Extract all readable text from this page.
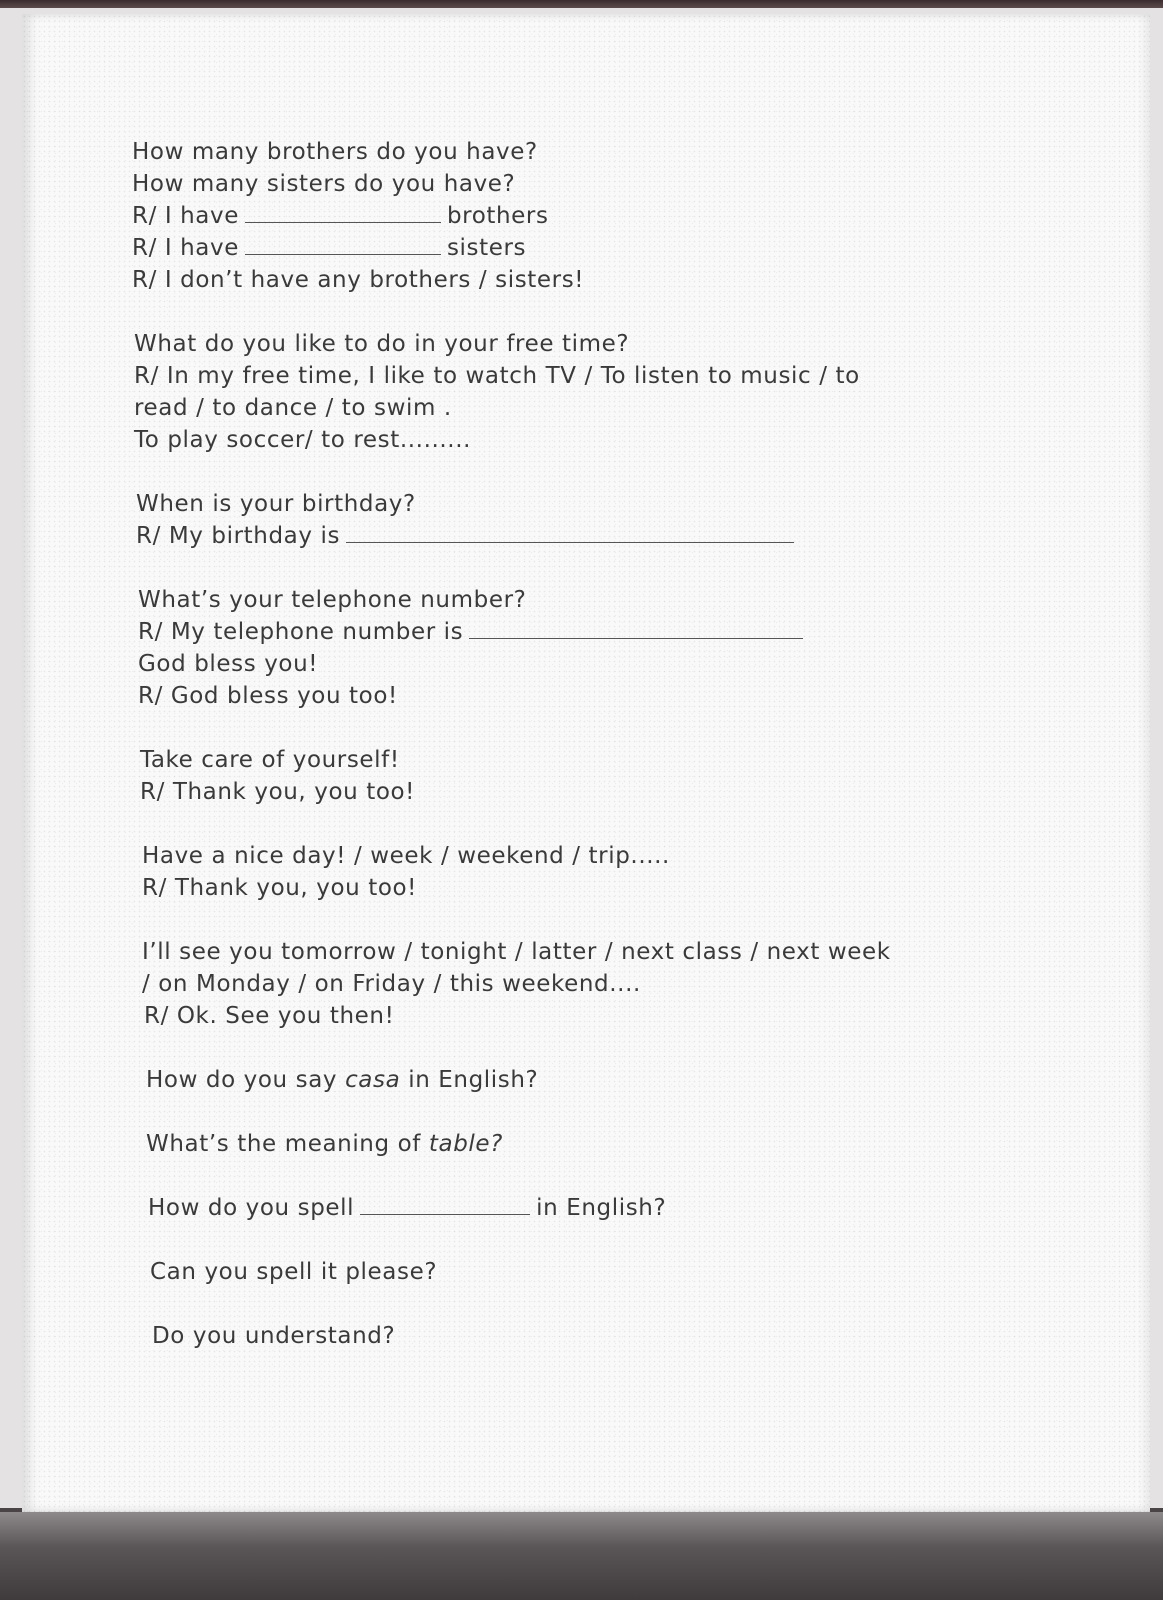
How many brothers do you have?
How many sisters do you have?
R/ I have	brothers
R/ I have	sisters
R/ I don’t have any brothers / sisters!
What do you like to do in your free time?
R/ In my free time, I like to watch TV / To listen to music / to
read / to dance / to swim .
To play soccer/ to rest.........
When is your birthday?
R/ My birthday is
What’s your telephone number?
R/ My telephone number is
God bless you!
R/ God bless you too!
Take care of yourself!
R/ Thank you, you too!
Have a nice day! / week / weekend / trip.....
R/ Thank you, you too!
I’ll see you tomorrow / tonight / latter / next class / next week
/ on Monday / on Friday / this weekend....
R/ Ok. See you then!
How do you say casa in English?
What’s the meaning of table?
How do you spell	in English?
Can you spell it please?
Do you understand?
